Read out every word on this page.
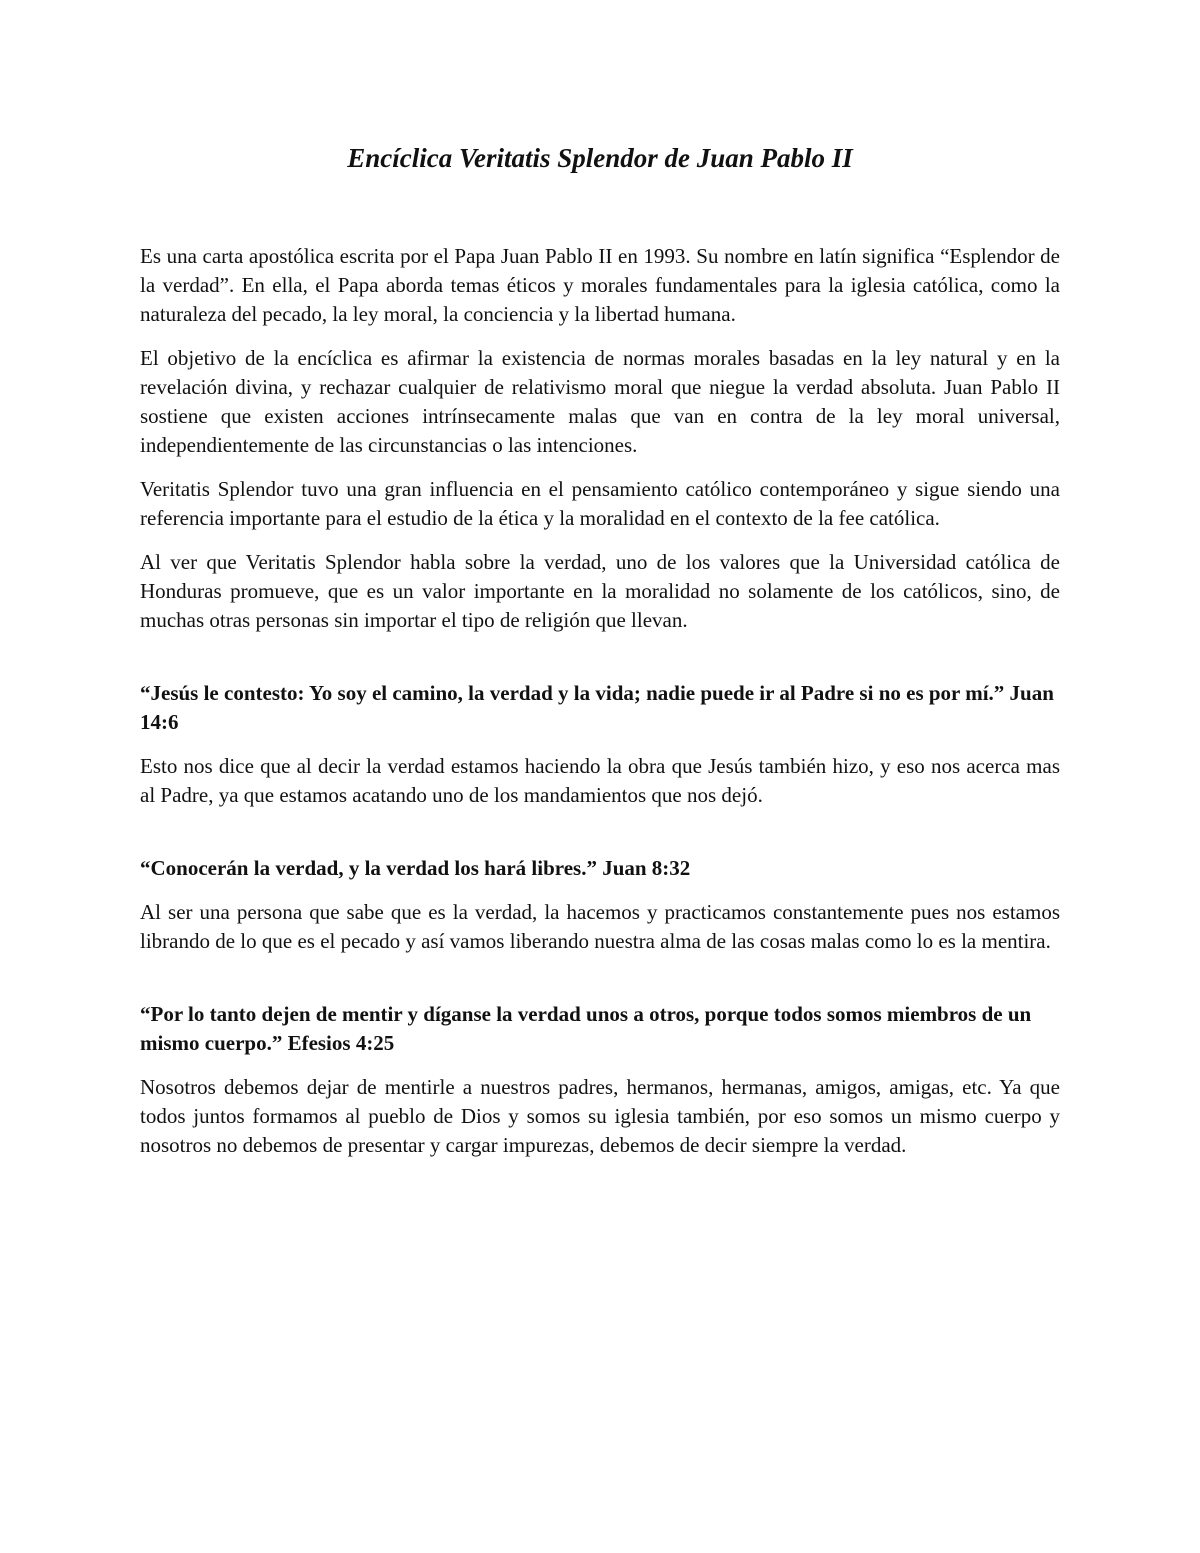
Encíclica Veritatis Splendor de Juan Pablo II

Es una carta apostólica escrita por el Papa Juan Pablo II en 1993. Su nombre en latín significa “Esplendor de la verdad”. En ella, el Papa aborda temas éticos y morales fundamentales para la iglesia católica, como la naturaleza del pecado, la ley moral, la conciencia y la libertad humana.

El objetivo de la encíclica es afirmar la existencia de normas morales basadas en la ley natural y en la revelación divina, y rechazar cualquier de relativismo moral que niegue la verdad absoluta. Juan Pablo II sostiene que existen acciones intrínsecamente malas que van en contra de la ley moral universal, independientemente de las circunstancias o las intenciones.

Veritatis Splendor tuvo una gran influencia en el pensamiento católico contemporáneo y sigue siendo una referencia importante para el estudio de la ética y la moralidad en el contexto de la fee católica.

Al ver que Veritatis Splendor habla sobre la verdad, uno de los valores que la Universidad católica de Honduras promueve, que es un valor importante en la moralidad no solamente de los católicos, sino, de muchas otras personas sin importar el tipo de religión que llevan.

“Jesús le contesto: Yo soy el camino, la verdad y la vida; nadie puede ir al Padre si no es por mí.” Juan 14:6

Esto nos dice que al decir la verdad estamos haciendo la obra que Jesús también hizo, y eso nos acerca mas al Padre, ya que estamos acatando uno de los mandamientos que nos dejó.

“Conocerán la verdad, y la verdad los hará libres.” Juan 8:32

Al ser una persona que sabe que es la verdad, la hacemos y practicamos constantemente pues nos estamos librando de lo que es el pecado y así vamos liberando nuestra alma de las cosas malas como lo es la mentira.

“Por lo tanto dejen de mentir y díganse la verdad unos a otros, porque todos somos miembros de un mismo cuerpo.” Efesios 4:25

Nosotros debemos dejar de mentirle a nuestros padres, hermanos, hermanas, amigos, amigas, etc. Ya que todos juntos formamos al pueblo de Dios y somos su iglesia también, por eso somos un mismo cuerpo y nosotros no debemos de presentar y cargar impurezas, debemos de decir siempre la verdad.
